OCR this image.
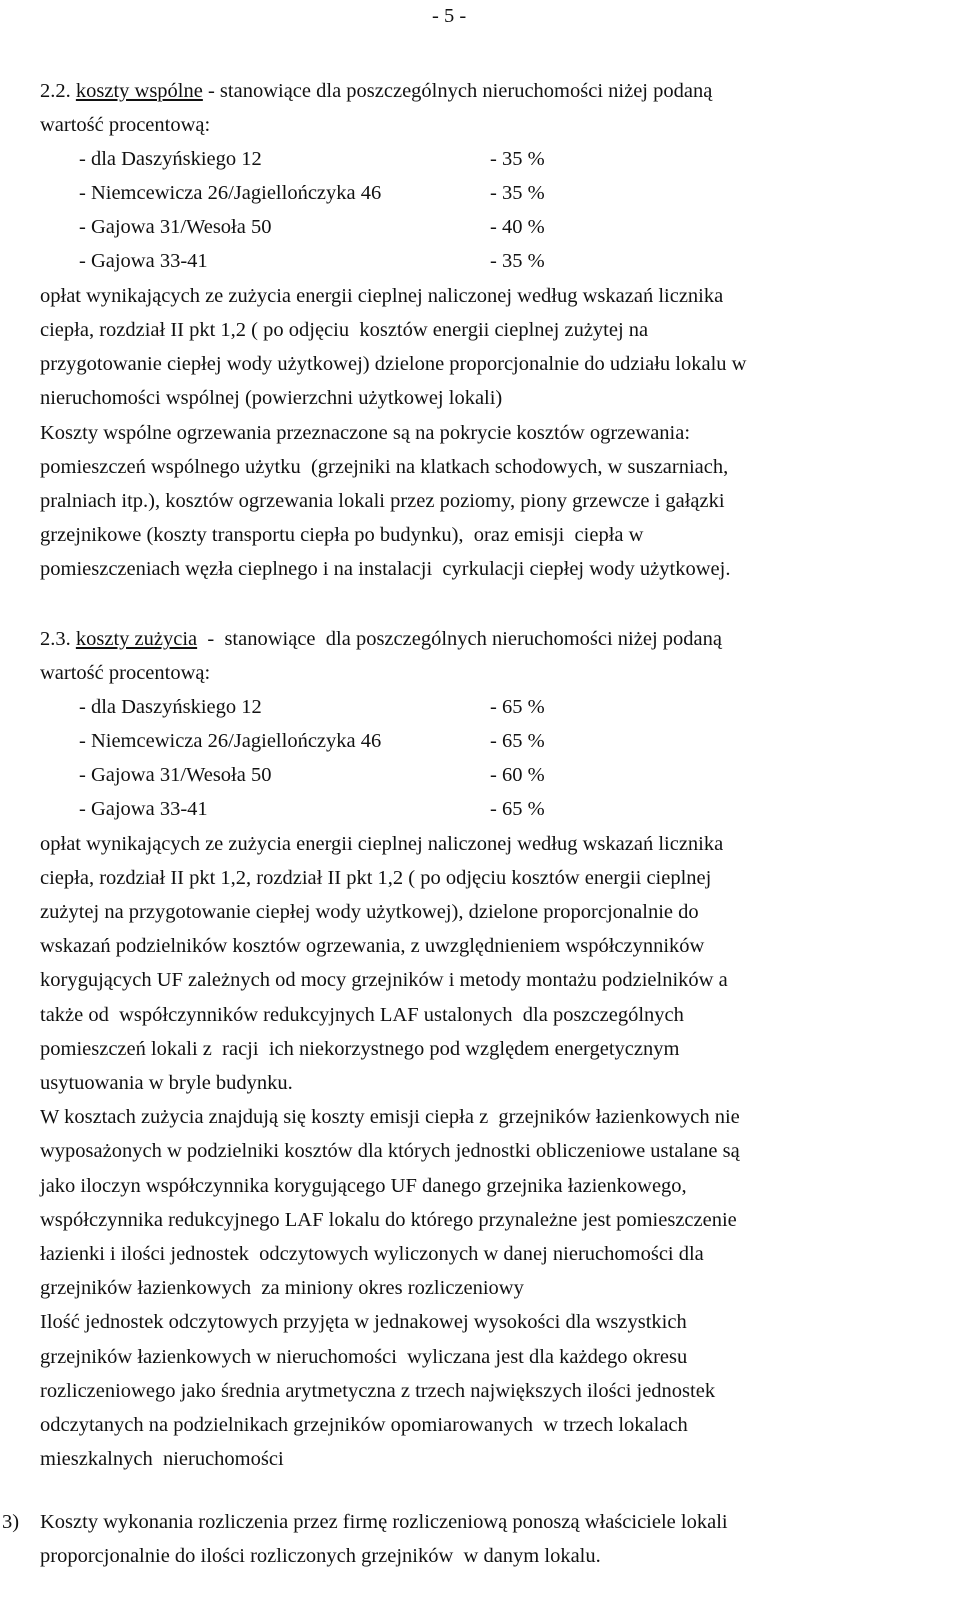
- 5 -
2.2. koszty wspólne - stanowiące dla poszczególnych nieruchomości niżej podaną
wartość procentową:
- dla Daszyńskiego 12	- 35 %
- Niemcewicza 26/Jagiellończyka 46	- 35 %
- Gajowa 31/Wesoła 50	- 40 %
- Gajowa 33-41	- 35 %
opłat wynikających ze zużycia energii cieplnej naliczonej według wskazań licznika
ciepła, rozdział II pkt 1,2 ( po odjęciu  kosztów energii cieplnej zużytej na
przygotowanie ciepłej wody użytkowej) dzielone proporcjonalnie do udziału lokalu w
nieruchomości wspólnej (powierzchni użytkowej lokali)
Koszty wspólne ogrzewania przeznaczone są na pokrycie kosztów ogrzewania:
pomieszczeń wspólnego użytku  (grzejniki na klatkach schodowych, w suszarniach,
pralniach itp.), kosztów ogrzewania lokali przez poziomy, piony grzewcze i gałązki
grzejnikowe (koszty transportu ciepła po budynku),  oraz emisji  ciepła w
pomieszczeniach węzła cieplnego i na instalacji  cyrkulacji ciepłej wody użytkowej.
2.3. koszty zużycia  -  stanowiące  dla poszczególnych nieruchomości niżej podaną
wartość procentową:
- dla Daszyńskiego 12	- 65 %
- Niemcewicza 26/Jagiellończyka 46	- 65 %
- Gajowa 31/Wesoła 50	- 60 %
- Gajowa 33-41	- 65 %
opłat wynikających ze zużycia energii cieplnej naliczonej według wskazań licznika
ciepła, rozdział II pkt 1,2, rozdział II pkt 1,2 ( po odjęciu kosztów energii cieplnej
zużytej na przygotowanie ciepłej wody użytkowej), dzielone proporcjonalnie do
wskazań podzielników kosztów ogrzewania, z uwzględnieniem współczynników
korygujących UF zależnych od mocy grzejników i metody montażu podzielników a
także od  współczynników redukcyjnych LAF ustalonych  dla poszczególnych
pomieszczeń lokali z  racji  ich niekorzystnego pod względem energetycznym
usytuowania w bryle budynku.
W kosztach zużycia znajdują się koszty emisji ciepła z  grzejników łazienkowych nie
wyposażonych w podzielniki kosztów dla których jednostki obliczeniowe ustalane są
jako iloczyn współczynnika korygującego UF danego grzejnika łazienkowego,
współczynnika redukcyjnego LAF lokalu do którego przynależne jest pomieszczenie
łazienki i ilości jednostek  odczytowych wyliczonych w danej nieruchomości dla
grzejników łazienkowych  za miniony okres rozliczeniowy
Ilość jednostek odczytowych przyjęta w jednakowej wysokości dla wszystkich
grzejników łazienkowych w nieruchomości  wyliczana jest dla każdego okresu
rozliczeniowego jako średnia arytmetyczna z trzech największych ilości jednostek
odczytanych na podzielnikach grzejników opomiarowanych  w trzech lokalach
mieszkalnych  nieruchomości
3) Koszty wykonania rozliczenia przez firmę rozliczeniową ponoszą właściciele lokali
proporcjonalnie do ilości rozliczonych grzejników  w danym lokalu.
